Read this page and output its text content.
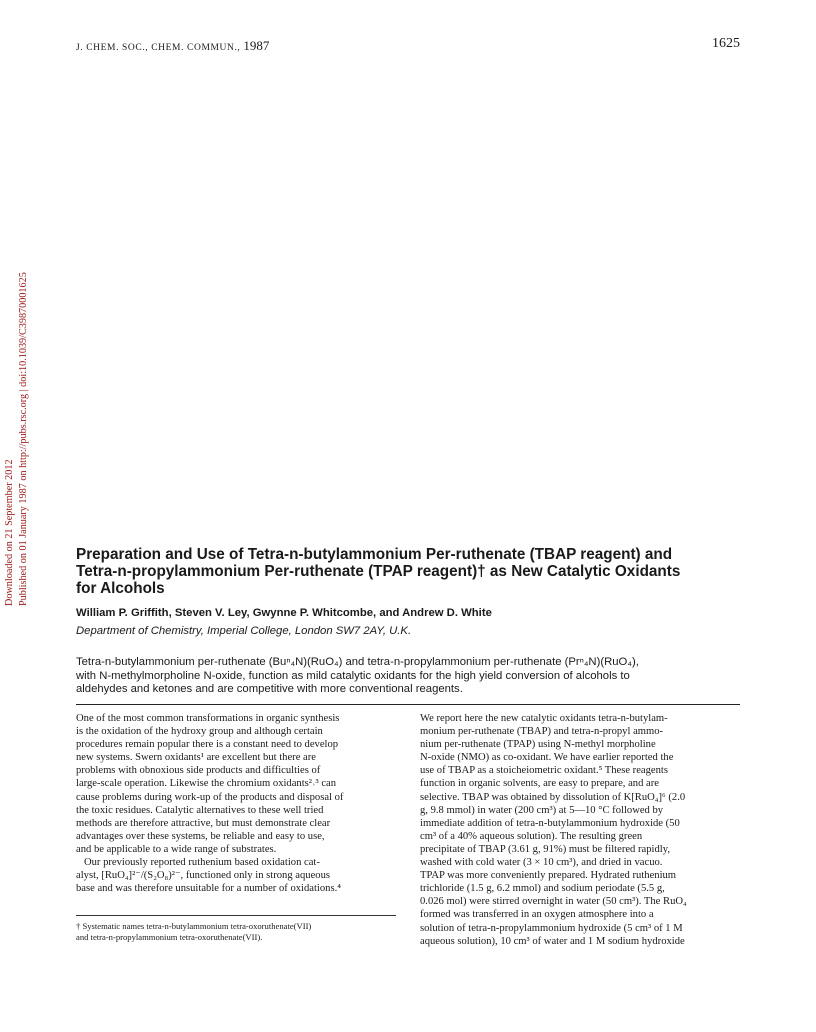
J. CHEM. SOC., CHEM. COMMUN., 1987	1625
Downloaded on 21 September 2012 Published on 01 January 1987 on http://pubs.rsc.org | doi:10.1039/C39870001625	Preparation and Use of Tetra-n-butylammonium Per-ruthenate (TBAP reagent) and
Tetra-n-propylammonium Per-ruthenate (TPAP reagent)† as New Catalytic Oxidants
for Alcohols
William P. Griffith, Steven V. Ley, Gwynne P. Whitcombe, and Andrew D. White
Department of Chemistry, Imperial College, London SW7 2AY, U.K.
Tetra-n-butylammonium per-ruthenate (Buⁿ₄N)(RuO₄) and tetra-n-propylammonium per-ruthenate (Prⁿ₄N)(RuO₄),
with N-methylmorpholine N-oxide, function as mild catalytic oxidants for the high yield conversion of alcohols to
aldehydes and ketones and are competitive with more conventional reagents.
One of the most common transformations in organic synthesis
is the oxidation of the hydroxy group and although certain
procedures remain popular there is a constant need to develop
new systems. Swern oxidants¹ are excellent but there are
problems with obnoxious side products and difficulties of
large-scale operation. Likewise the chromium oxidants²˒³ can
cause problems during work-up of the products and disposal of
the toxic residues. Catalytic alternatives to these well tried
methods are therefore attractive, but must demonstrate clear
advantages over these systems, be reliable and easy to use,
and be applicable to a wide range of substrates.
Our previously reported ruthenium based oxidation cat-
alyst, [RuO₄]²⁻/(S₂O₈)²⁻, functioned only in strong aqueous
base and was therefore unsuitable for a number of oxidations.⁴
We report here the new catalytic oxidants tetra-n-butylam-
monium per-ruthenate (TBAP) and tetra-n-propyl ammo-
nium per-ruthenate (TPAP) using N-methyl morpholine
N-oxide (NMO) as co-oxidant. We have earlier reported the
use of TBAP as a stoicheiometric oxidant.⁵ These reagents
function in organic solvents, are easy to prepare, and are
selective. TBAP was obtained by dissolution of K[RuO₄]⁶ (2.0
g, 9.8 mmol) in water (200 cm³) at 5—10 °C followed by
immediate addition of tetra-n-butylammonium hydroxide (50
cm³ of a 40% aqueous solution). The resulting green
precipitate of TBAP (3.61 g, 91%) must be filtered rapidly,
washed with cold water (3 × 10 cm³), and dried in vacuo.
TPAP was more conveniently prepared. Hydrated ruthenium
trichloride (1.5 g, 6.2 mmol) and sodium periodate (5.5 g,
0.026 mol) were stirred overnight in water (50 cm³). The RuO₄
formed was transferred in an oxygen atmosphere into a
solution of tetra-n-propylammonium hydroxide (5 cm³ of 1 M
aqueous solution), 10 cm³ of water and 1 M sodium hydroxide
† Systematic names tetra-n-butylammonium tetra-oxoruthenate(VII)
and tetra-n-propylammonium tetra-oxoruthenate(VII).
